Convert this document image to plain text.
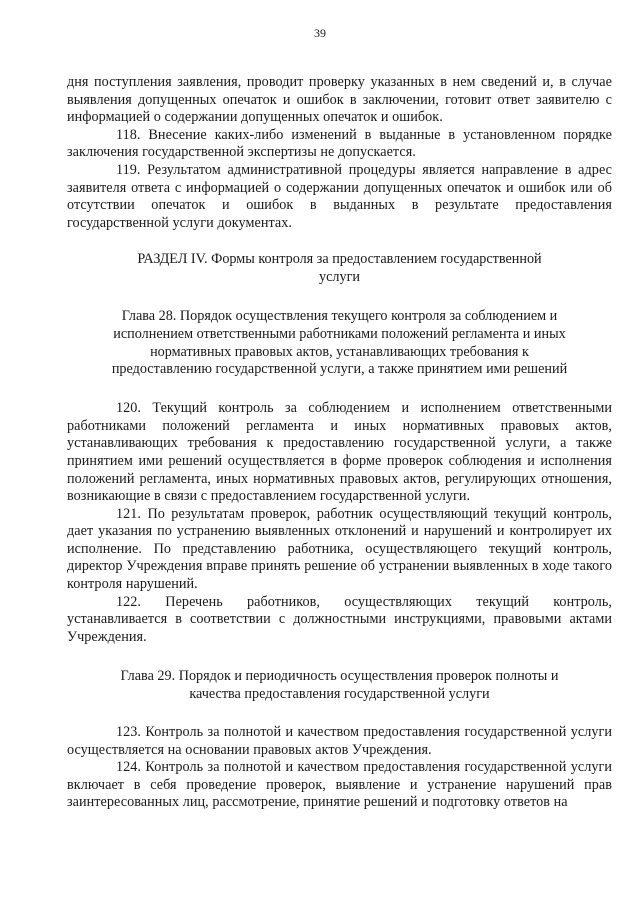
39

дня поступления заявления, проводит проверку указанных в нем сведений и, в случае выявления допущенных опечаток и ошибок в заключении, готовит ответ заявителю с информацией о содержании допущенных опечаток и ошибок.

118. Внесение каких-либо изменений в выданные в установленном порядке заключения государственной экспертизы не допускается.

119. Результатом административной процедуры является направление в адрес заявителя ответа с информацией о содержании допущенных опечаток и ошибок или об отсутствии опечаток и ошибок в выданных в результате предоставления государственной услуги документах.

РАЗДЕЛ IV. Формы контроля за предоставлением государственной услуги

Глава 28. Порядок осуществления текущего контроля за соблюдением и исполнением ответственными работниками положений регламента и иных нормативных правовых актов, устанавливающих требования к предоставлению государственной услуги, а также принятием ими решений

120. Текущий контроль за соблюдением и исполнением ответственными работниками положений регламента и иных нормативных правовых актов, устанавливающих требования к предоставлению государственной услуги, а также принятием ими решений осуществляется в форме проверок соблюдения и исполнения положений регламента, иных нормативных правовых актов, регулирующих отношения, возникающие в связи с предоставлением государственной услуги.

121. По результатам проверок, работник осуществляющий текущий контроль, дает указания по устранению выявленных отклонений и нарушений и контролирует их исполнение. По представлению работника, осуществляющего текущий контроль, директор Учреждения вправе принять решение об устранении выявленных в ходе такого контроля нарушений.

122. Перечень работников, осуществляющих текущий контроль, устанавливается в соответствии с должностными инструкциями, правовыми актами Учреждения.

Глава 29. Порядок и периодичность осуществления проверок полноты и качества предоставления государственной услуги

123. Контроль за полнотой и качеством предоставления государственной услуги осуществляется на основании правовых актов Учреждения.

124. Контроль за полнотой и качеством предоставления государственной услуги включает в себя проведение проверок, выявление и устранение нарушений прав заинтересованных лиц, рассмотрение, принятие решений и подготовку ответов на
